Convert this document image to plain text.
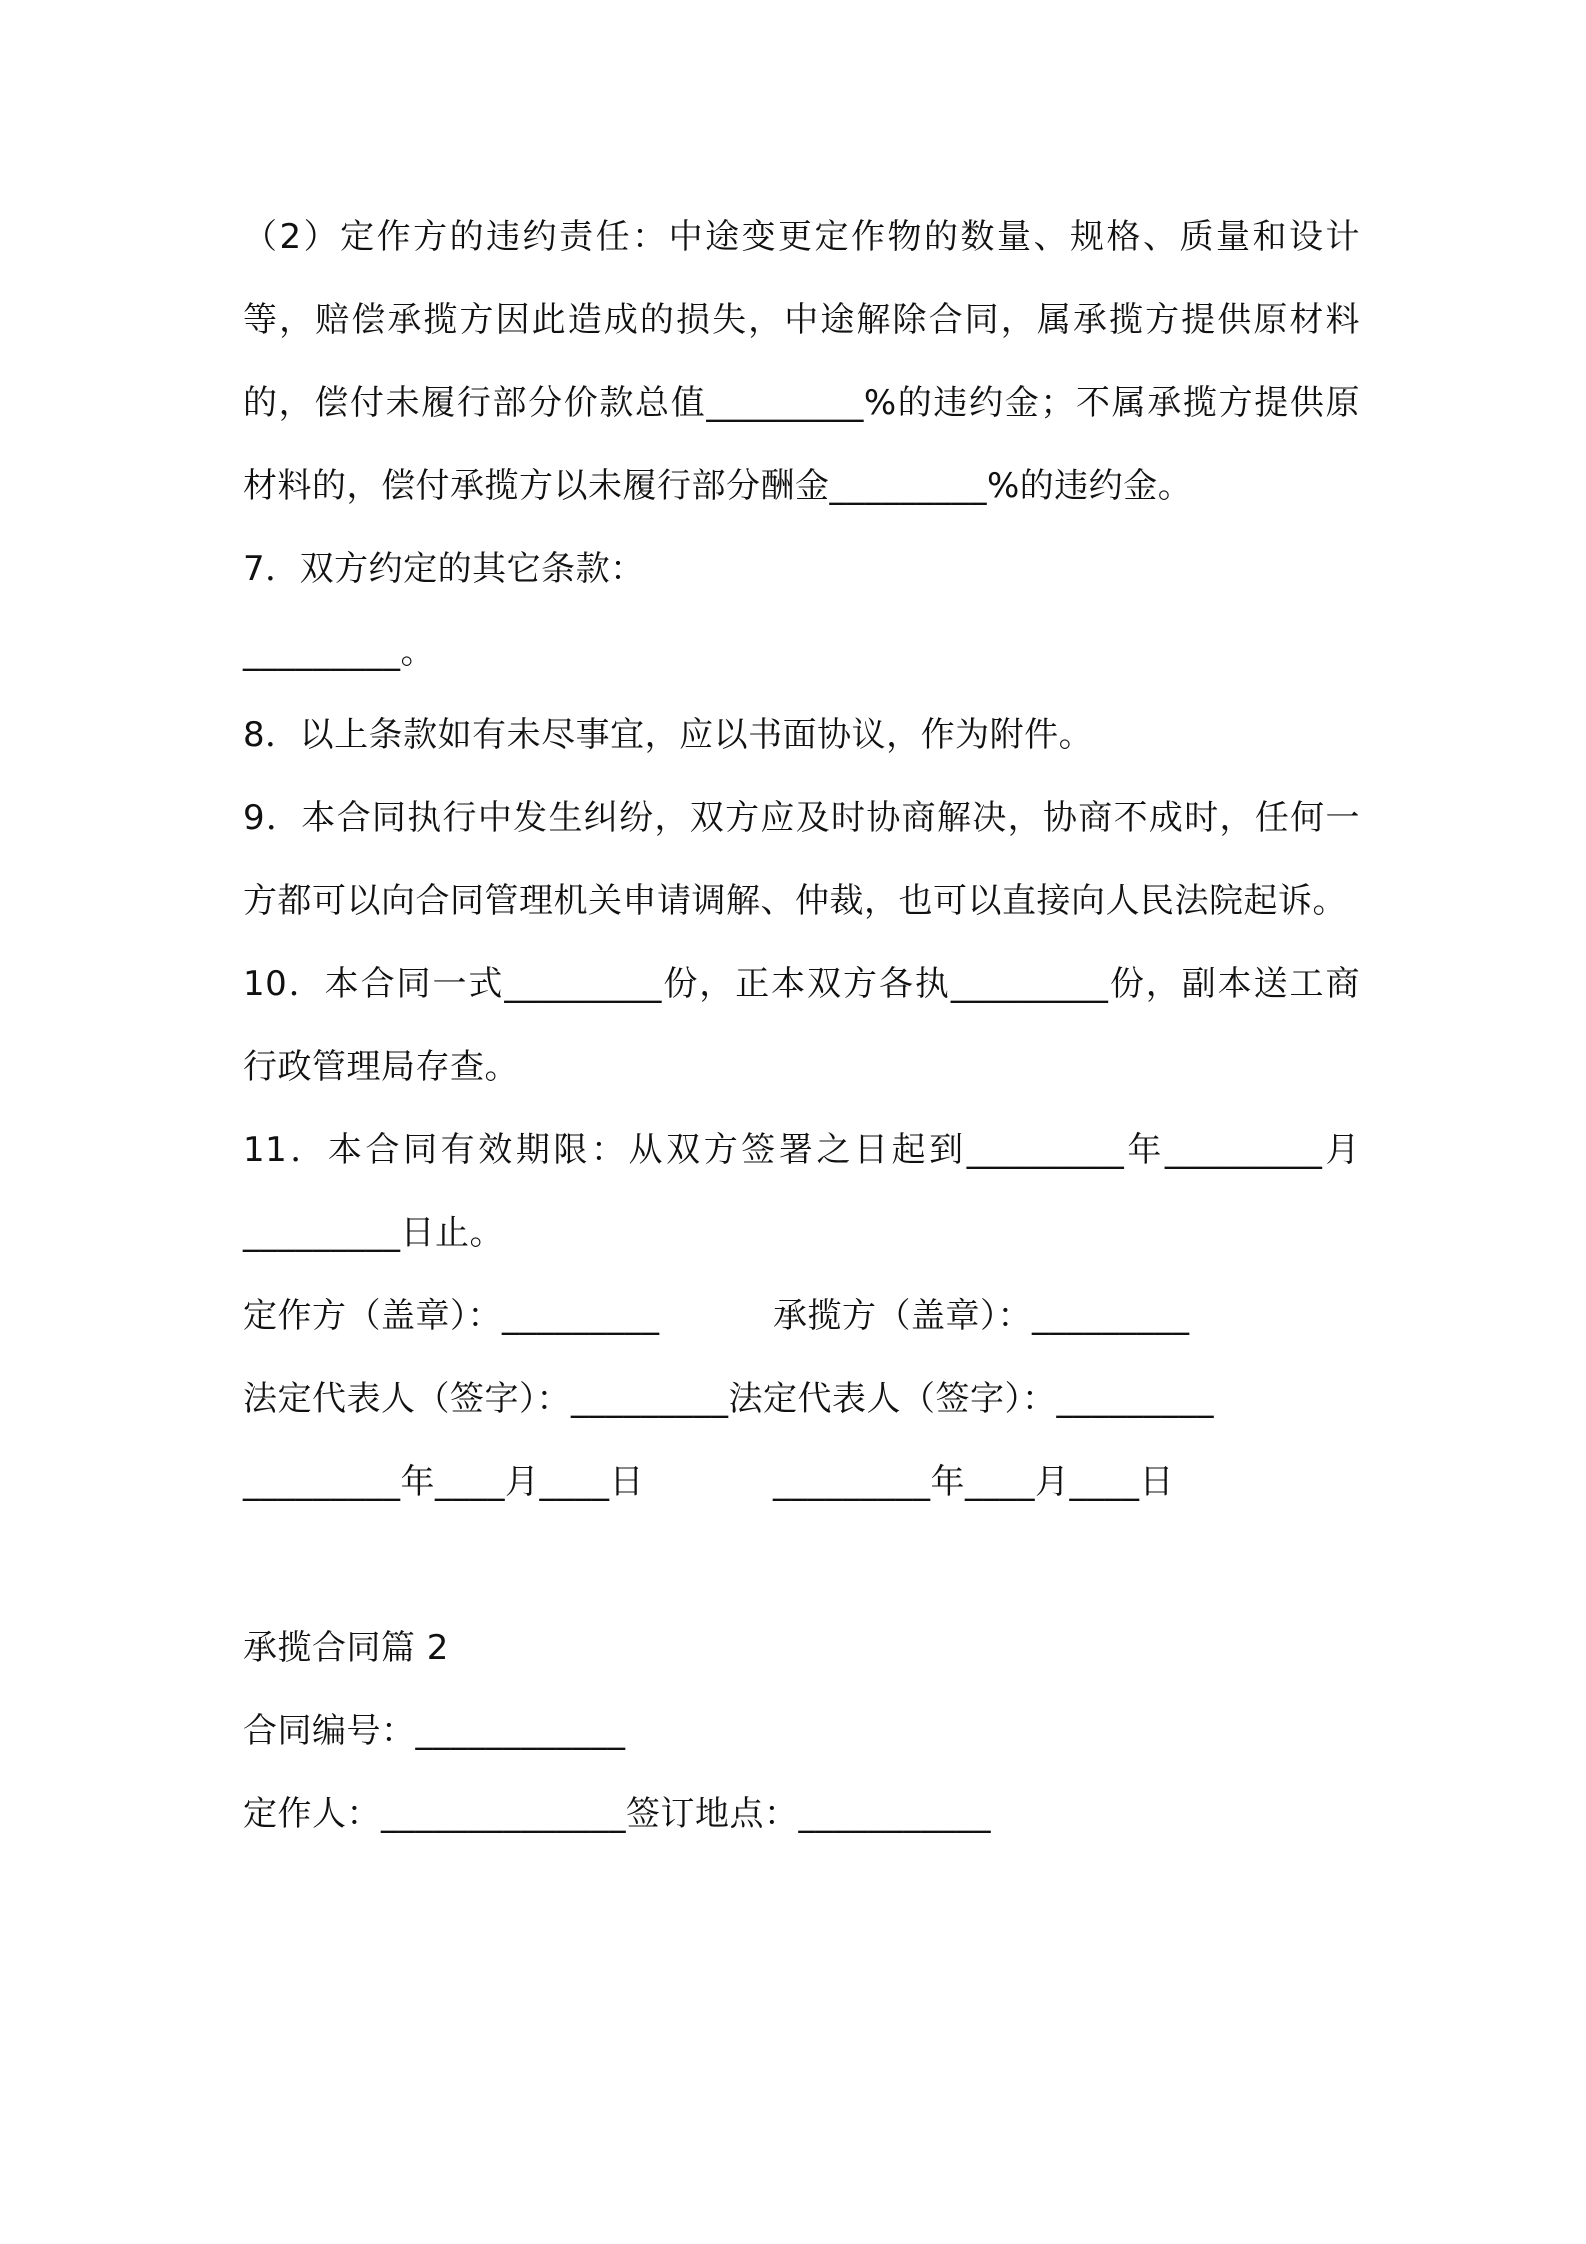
（2）定作方的违约责任：中途变更定作物的数量、规格、质量和设计等，赔偿承揽方因此造成的损失，中途解除合同，属承揽方提供原材料的，偿付未履行部分价款总值_________%的违约金；不属承揽方提供原材料的，偿付承揽方以未履行部分酬金_________%的违约金。

7．双方约定的其它条款：

_________。

8．以上条款如有未尽事宜，应以书面协议，作为附件。

9．本合同执行中发生纠纷，双方应及时协商解决，协商不成时，任何一方都可以向合同管理机关申请调解、仲裁，也可以直接向人民法院起诉。

10．本合同一式_________份，正本双方各执_________份，副本送工商行政管理局存查。

11．本合同有效期限：从双方签署之日起到_________年_________月_________日止。

定作方（盖章）：_________	承揽方（盖章）：_________
法定代表人（签字）：_________ 法定代表人（签字）：_________
_________年____月____日	_________年____月____日

承揽合同篇 2

合同编号：____________

定作人：______________签订地点：___________
